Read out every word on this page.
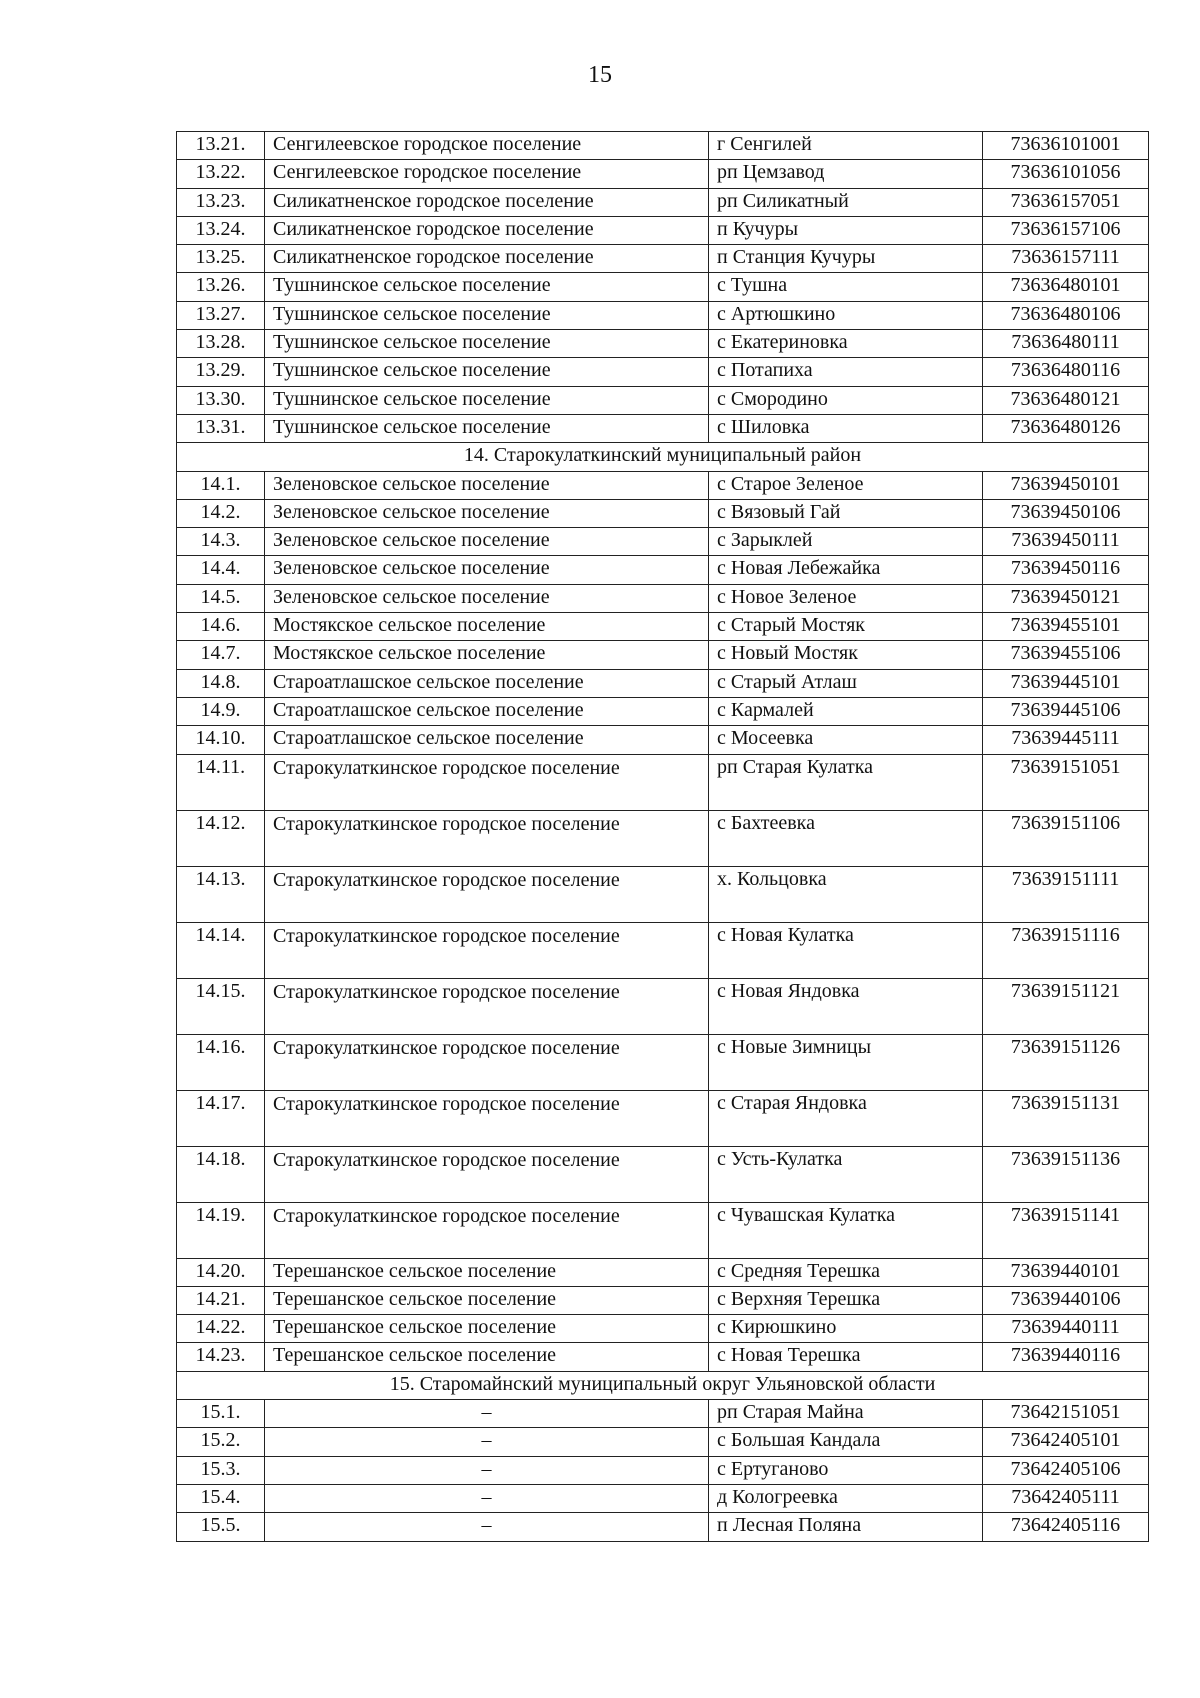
15
13.21.	Сенгилеевское городское поселение	г Сенгилей	73636101001
13.22.	Сенгилеевское городское поселение	рп Цемзавод	73636101056
13.23.	Силикатненское городское поселение	рп Силикатный	73636157051
13.24.	Силикатненское городское поселение	п Кучуры	73636157106
13.25.	Силикатненское городское поселение	п Станция Кучуры	73636157111
13.26.	Тушнинское сельское поселение	с Тушна	73636480101
13.27.	Тушнинское сельское поселение	с Артюшкино	73636480106
13.28.	Тушнинское сельское поселение	с Екатериновка	73636480111
13.29.	Тушнинское сельское поселение	с Потапиха	73636480116
13.30.	Тушнинское сельское поселение	с Смородино	73636480121
13.31.	Тушнинское сельское поселение	с Шиловка	73636480126
14. Старокулаткинский муниципальный район			
14.1.	Зеленовское сельское поселение	с Старое Зеленое	73639450101
14.2.	Зеленовское сельское поселение	с Вязовый Гай	73639450106
14.3.	Зеленовское сельское поселение	с Зарыклей	73639450111
14.4.	Зеленовское сельское поселение	с Новая Лебежайка	73639450116
14.5.	Зеленовское сельское поселение	с Новое Зеленое	73639450121
14.6.	Мостякское сельское поселение	с Старый Мостяк	73639455101
14.7.	Мостякское сельское поселение	с Новый Мостяк	73639455106
14.8.	Староатлашское сельское поселение	с Старый Атлаш	73639445101
14.9.	Староатлашское сельское поселение	с Кармалей	73639445106
14.10.	Староатлашское сельское поселение	с Мосеевка	73639445111
14.11.	Старокулаткинское городское поселение	рп Старая Кулатка	73639151051
14.12.	Старокулаткинское городское поселение	с Бахтеевка	73639151106
14.13.	Старокулаткинское городское поселение	х. Кольцовка	73639151111
14.14.	Старокулаткинское городское поселение	с Новая Кулатка	73639151116
14.15.	Старокулаткинское городское поселение	с Новая Яндовка	73639151121
14.16.	Старокулаткинское городское поселение	с Новые Зимницы	73639151126
14.17.	Старокулаткинское городское поселение	с Старая Яндовка	73639151131
14.18.	Старокулаткинское городское поселение	с Усть-Кулатка	73639151136
14.19.	Старокулаткинское городское поселение	с Чувашская Кулатка	73639151141
14.20.	Терешанское сельское поселение	с Средняя Терешка	73639440101
14.21.	Терешанское сельское поселение	с Верхняя Терешка	73639440106
14.22.	Терешанское сельское поселение	с Кирюшкино	73639440111
14.23.	Терешанское сельское поселение	с Новая Терешка	73639440116
15. Старомайнский муниципальный округ Ульяновской области			
15.1.	–	рп Старая Майна	73642151051
15.2.	–	с Большая Кандала	73642405101
15.3.	–	с Ертуганово	73642405106
15.4.	–	д Кологреевка	73642405111
15.5.	–	п Лесная Поляна	73642405116
